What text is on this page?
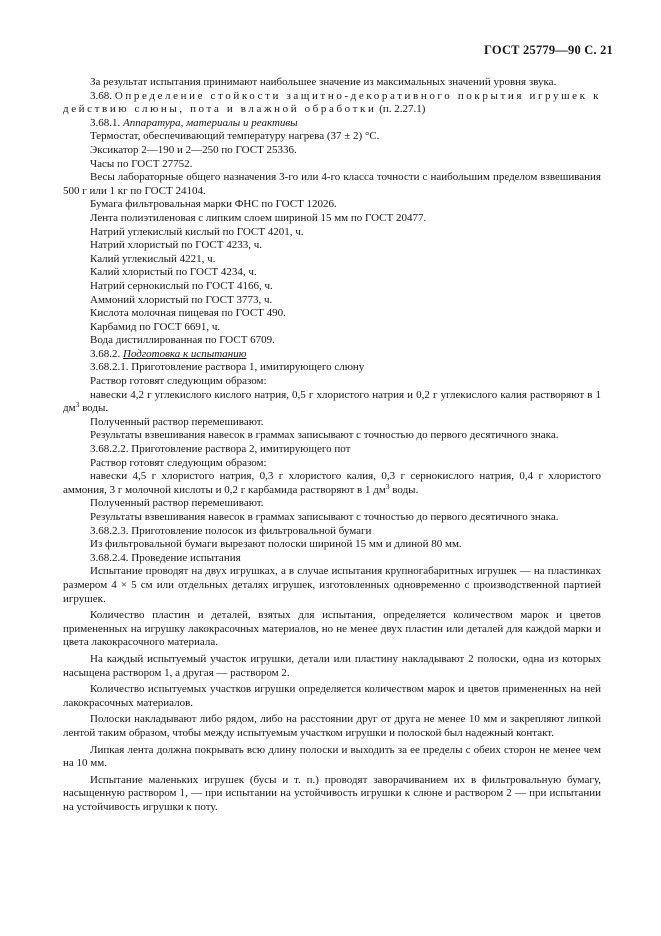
ГОСТ 25779—90 С. 21

За результат испытания принимают наибольшее значение из максимальных значений уровня звука.

3.68. Определение стойкости защитно-декоративного покрытия игрушек к действию слюны, пота и влажной обработки (п. 2.27.1)

3.68.1. Аппаратура, материалы и реактивы

Термостат, обеспечивающий температуру нагрева (37 ± 2) °С.

Эксикатор 2—190 и 2—250 по ГОСТ 25336.

Часы по ГОСТ 27752.

Весы лабораторные общего назначения 3-го или 4-го класса точности с наибольшим пределом взвешивания 500 г или 1 кг по ГОСТ 24104.

Бумага фильтровальная марки ФНС по ГОСТ 12026.

Лента полиэтиленовая с липким слоем шириной 15 мм по ГОСТ 20477.

Натрий углекислый кислый по ГОСТ 4201, ч.

Натрий хлористый по ГОСТ 4233, ч.

Калий углекислый 4221, ч.

Калий хлористый по ГОСТ 4234, ч.

Натрий сернокислый по ГОСТ 4166, ч.

Аммоний хлористый по ГОСТ 3773, ч.

Кислота молочная пищевая по ГОСТ 490.

Карбамид по ГОСТ 6691, ч.

Вода дистиллированная по ГОСТ 6709.

3.68.2. Подготовка к испытанию

3.68.2.1. Приготовление раствора 1, имитирующего слюну

Раствор готовят следующим образом:

навески 4,2 г углекислого кислого натрия, 0,5 г хлористого натрия и 0,2 г углекислого калия растворяют в 1 $дм^3$ воды.

Полученный раствор перемешивают.

Результаты взвешивания навесок в граммах записывают с точностью до первого десятичного знака.

3.68.2.2. Приготовление раствора 2, имитирующего пот

Раствор готовят следующим образом:

навески 4,5 г хлористого натрия, 0,3 г хлористого калия, 0,3 г сернокислого натрия, 0,4 г хлористого аммония, 3 г молочной кислоты и 0,2 г карбамида растворяют в 1 $дм^3$ воды.

Полученный раствор перемешивают.

Результаты взвешивания навесок в граммах записывают с точностью до первого десятичного знака.

3.68.2.3. Приготовление полосок из фильтровальной бумаги

Из фильтровальной бумаги вырезают полоски шириной 15 мм и длиной 80 мм.

3.68.2.4. Проведение испытания

Испытание проводят на двух игрушках, а в случае испытания крупногабаритных игрушек — на пластинках размером 4 × 5 см или отдельных деталях игрушек, изготовленных одновременно с производственной партией игрушек.

Количество пластин и деталей, взятых для испытания, определяется количеством марок и цветов примененных на игрушку лакокрасочных материалов, но не менее двух пластин или деталей для каждой марки и цвета лакокрасочного материала.

На каждый испытуемый участок игрушки, детали или пластину накладывают 2 полоски, одна из которых насыщена раствором 1, а другая — раствором 2.

Количество испытуемых участков игрушки определяется количеством марок и цветов примененных на ней лакокрасочных материалов.

Полоски накладывают либо рядом, либо на расстоянии друг от друга не менее 10 мм и закрепляют липкой лентой таким образом, чтобы между испытуемым участком игрушки и полоской был надежный контакт.

Липкая лента должна покрывать всю длину полоски и выходить за ее пределы с обеих сторон не менее чем на 10 мм.

Испытание маленьких игрушек (бусы и т. п.) проводят заворачиванием их в фильтровальную бумагу, насыщенную раствором 1, — при испытании на устойчивость игрушки к слюне и раствором 2 — при испытании на устойчивость игрушки к поту.
